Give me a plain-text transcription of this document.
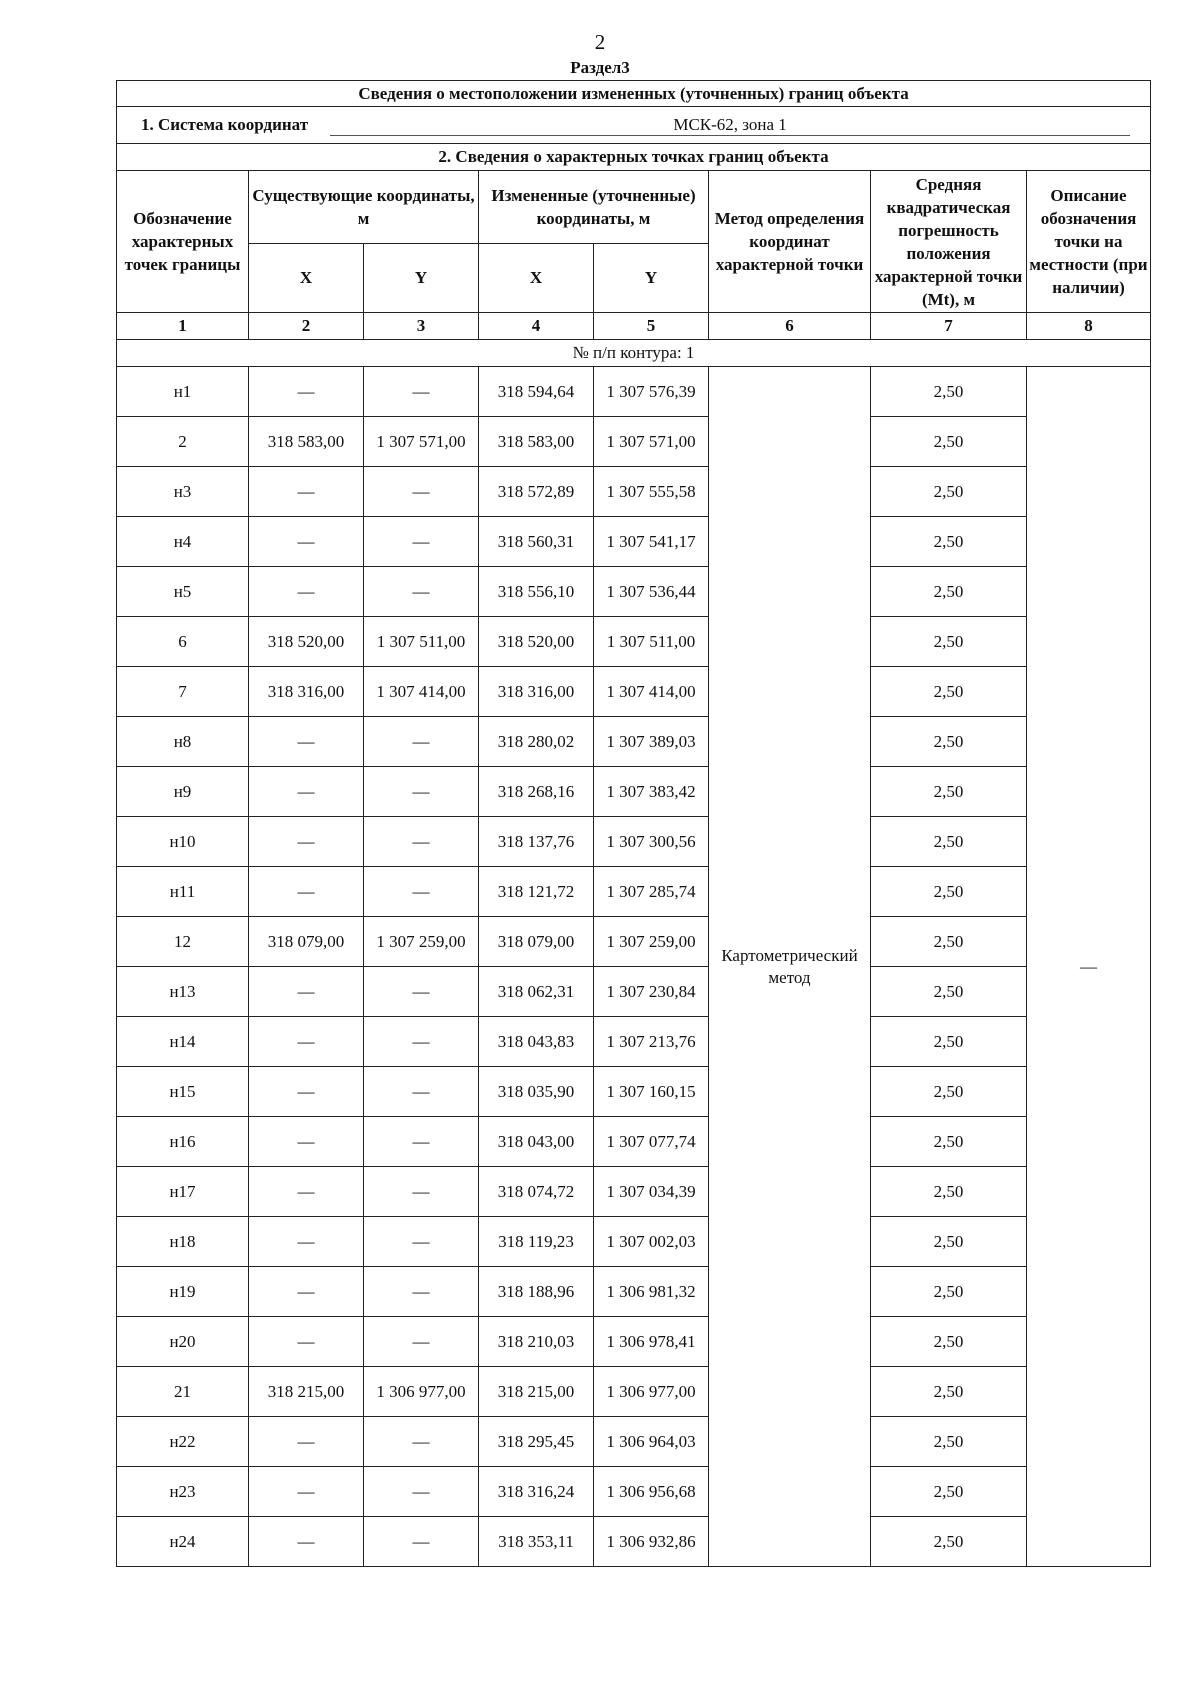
2
Раздел3
Сведения о местоположении измененных (уточненных) границ объекта							
1. Система координат МСК-62, зона 1							
2. Сведения о характерных точках границ объекта							
Обозначение характерных точек границы	Существующие координаты, м		Измененные (уточненные) координаты, м		Метод определения координат характерной точки	Средняя квадратическая погрешность положения характерной точки (Mt), м	Описание обозначения точки на местности (при наличии)
	X	Y	X	Y			
1	2	3	4	5	6	7	8
№ п/п контура: 1							
н1	—	—	318 594,64	1 307 576,39	Картометрический метод	2,50	—
2	318 583,00	1 307 571,00	318 583,00	1 307 571,00		2,50	
н3	—	—	318 572,89	1 307 555,58		2,50	
н4	—	—	318 560,31	1 307 541,17		2,50	
н5	—	—	318 556,10	1 307 536,44		2,50	
6	318 520,00	1 307 511,00	318 520,00	1 307 511,00		2,50	
7	318 316,00	1 307 414,00	318 316,00	1 307 414,00		2,50	
н8	—	—	318 280,02	1 307 389,03		2,50	
н9	—	—	318 268,16	1 307 383,42		2,50	
н10	—	—	318 137,76	1 307 300,56		2,50	
н11	—	—	318 121,72	1 307 285,74		2,50	
12	318 079,00	1 307 259,00	318 079,00	1 307 259,00		2,50	
н13	—	—	318 062,31	1 307 230,84		2,50	
н14	—	—	318 043,83	1 307 213,76		2,50	
н15	—	—	318 035,90	1 307 160,15		2,50	
н16	—	—	318 043,00	1 307 077,74		2,50	
н17	—	—	318 074,72	1 307 034,39		2,50	
н18	—	—	318 119,23	1 307 002,03		2,50	
н19	—	—	318 188,96	1 306 981,32		2,50	
н20	—	—	318 210,03	1 306 978,41		2,50	
21	318 215,00	1 306 977,00	318 215,00	1 306 977,00		2,50	
н22	—	—	318 295,45	1 306 964,03		2,50	
н23	—	—	318 316,24	1 306 956,68		2,50	
н24	—	—	318 353,11	1 306 932,86		2,50	
